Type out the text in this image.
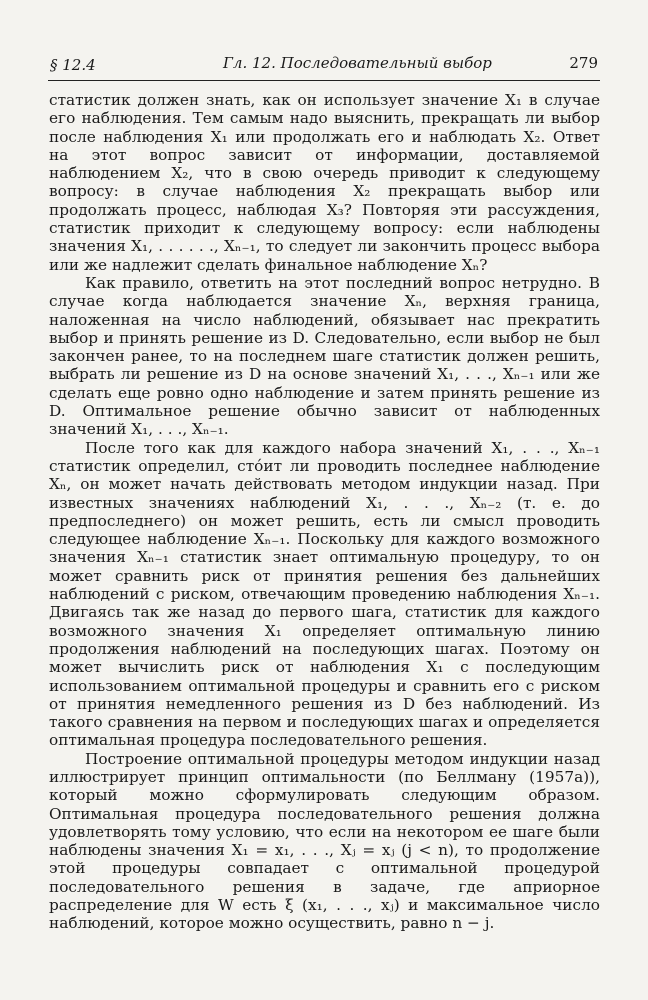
§ 12.4	Гл. 12. Последовательный выбор	279

статистик должен знать, как он использует значение X₁ в случае его наблюдения. Тем самым надо выяснить, прекращать ли выбор после наблюдения X₁ или продолжать его и наблюдать X₂. Ответ на этот вопрос зависит от информации, доставляемой наблюдением X₂, что в свою очередь приводит к следующему вопросу: в случае наблюдения X₂ прекращать выбор или продолжать процесс, наблюдая X₃? Повторяя эти рассуждения, статистик приходит к следующему вопросу: если наблюдены значения X₁, . . . . . ., Xₙ₋₁, то следует ли закончить процесс выбора или же надлежит сделать финальное наблюдение Xₙ?

Как правило, ответить на этот последний вопрос нетрудно. В случае когда наблюдается значение Xₙ, верхняя граница, наложенная на число наблюдений, обязывает нас прекратить выбор и принять решение из D. Следовательно, если выбор не был закончен ранее, то на последнем шаге статистик должен решить, выбрать ли решение из D на основе значений X₁, . . ., Xₙ₋₁ или же сделать еще ровно одно наблюдение и затем принять решение из D. Оптимальное решение обычно зависит от наблюденных значений X₁, . . ., Xₙ₋₁.

После того как для каждого набора значений X₁, . . ., Xₙ₋₁ статистик определил, стóит ли проводить последнее наблюдение Xₙ, он может начать действовать методом индукции назад. При известных значениях наблюдений X₁, . . ., Xₙ₋₂ (т. е. до предпоследнего) он может решить, есть ли смысл проводить следующее наблюдение Xₙ₋₁. Поскольку для каждого возможного значения Xₙ₋₁ статистик знает оптимальную процедуру, то он может сравнить риск от принятия решения без дальнейших наблюдений с риском, отвечающим проведению наблюдения Xₙ₋₁. Двигаясь так же назад до первого шага, статистик для каждого возможного значения X₁ определяет оптимальную линию продолжения наблюдений на последующих шагах. Поэтому он может вычислить риск от наблюдения X₁ с последующим использованием оптимальной процедуры и сравнить его с риском от принятия немедленного решения из D без наблюдений. Из такого сравнения на первом и последующих шагах и определяется оптимальная процедура последовательного решения.

Построение оптимальной процедуры методом индукции назад иллюстрирует принцип оптимальности (по Беллману (1957a)), который можно сформулировать следующим образом. Оптимальная процедура последовательного решения должна удовлетворять тому условию, что если на некотором ее шаге были наблюдены значения X₁ = x₁, . . ., Xⱼ = xⱼ (j < n), то продолжение этой процедуры совпадает с оптимальной процедурой последовательного решения в задаче, где априорное распределение для W есть ξ (x₁, . . ., xⱼ) и максимальное число наблюдений, которое можно осуществить, равно n − j.
